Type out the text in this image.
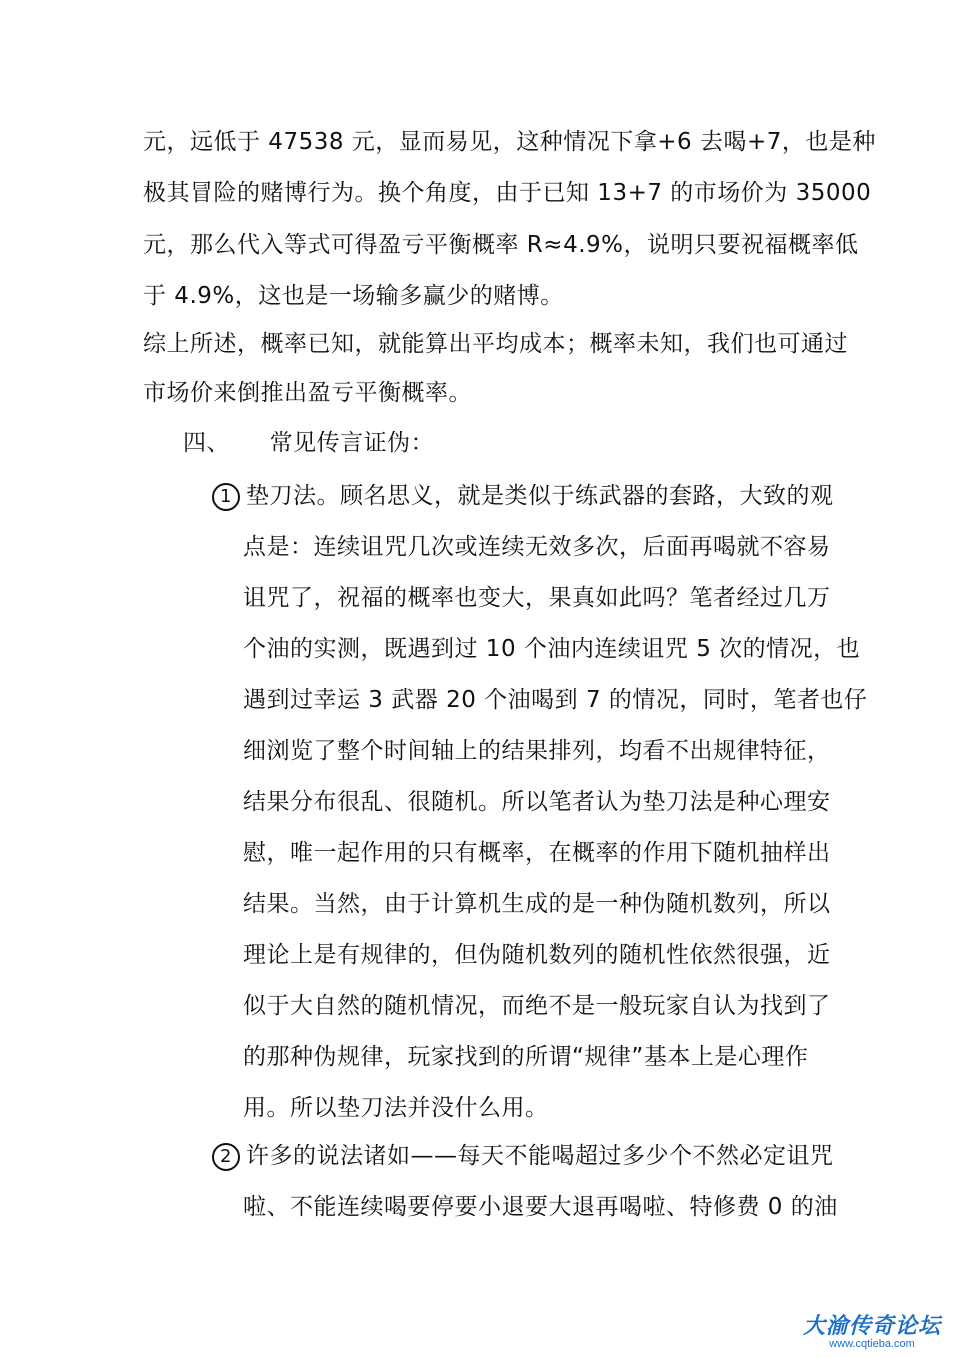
元，远低于 47538 元，显而易见，这种情况下拿+6 去喝+7，也是种
极其冒险的赌博行为。换个角度，由于已知 13+7 的市场价为 35000
元，那么代入等式可得盈亏平衡概率 R≈4.9%，说明只要祝福概率低
于 4.9%，这也是一场输多赢少的赌博。
综上所述，概率已知，就能算出平均成本；概率未知，我们也可通过
市场价来倒推出盈亏平衡概率。
四、 常见传言证伪：
1 垫刀法。顾名思义，就是类似于练武器的套路，大致的观
点是：连续诅咒几次或连续无效多次，后面再喝就不容易
诅咒了，祝福的概率也变大，果真如此吗？笔者经过几万
个油的实测，既遇到过 10 个油内连续诅咒 5 次的情况，也
遇到过幸运 3 武器 20 个油喝到 7 的情况，同时，笔者也仔
细浏览了整个时间轴上的结果排列，均看不出规律特征，
结果分布很乱、很随机。所以笔者认为垫刀法是种心理安
慰，唯一起作用的只有概率，在概率的作用下随机抽样出
结果。当然，由于计算机生成的是一种伪随机数列，所以
理论上是有规律的，但伪随机数列的随机性依然很强，近
似于大自然的随机情况，而绝不是一般玩家自认为找到了
的那种伪规律，玩家找到的所谓“规律”基本上是心理作
用。所以垫刀法并没什么用。
2 许多的说法诸如——每天不能喝超过多少个不然必定诅咒
啦、不能连续喝要停要小退要大退再喝啦、特修费 0 的油
大渝传奇论坛
www.cqtieba.com
